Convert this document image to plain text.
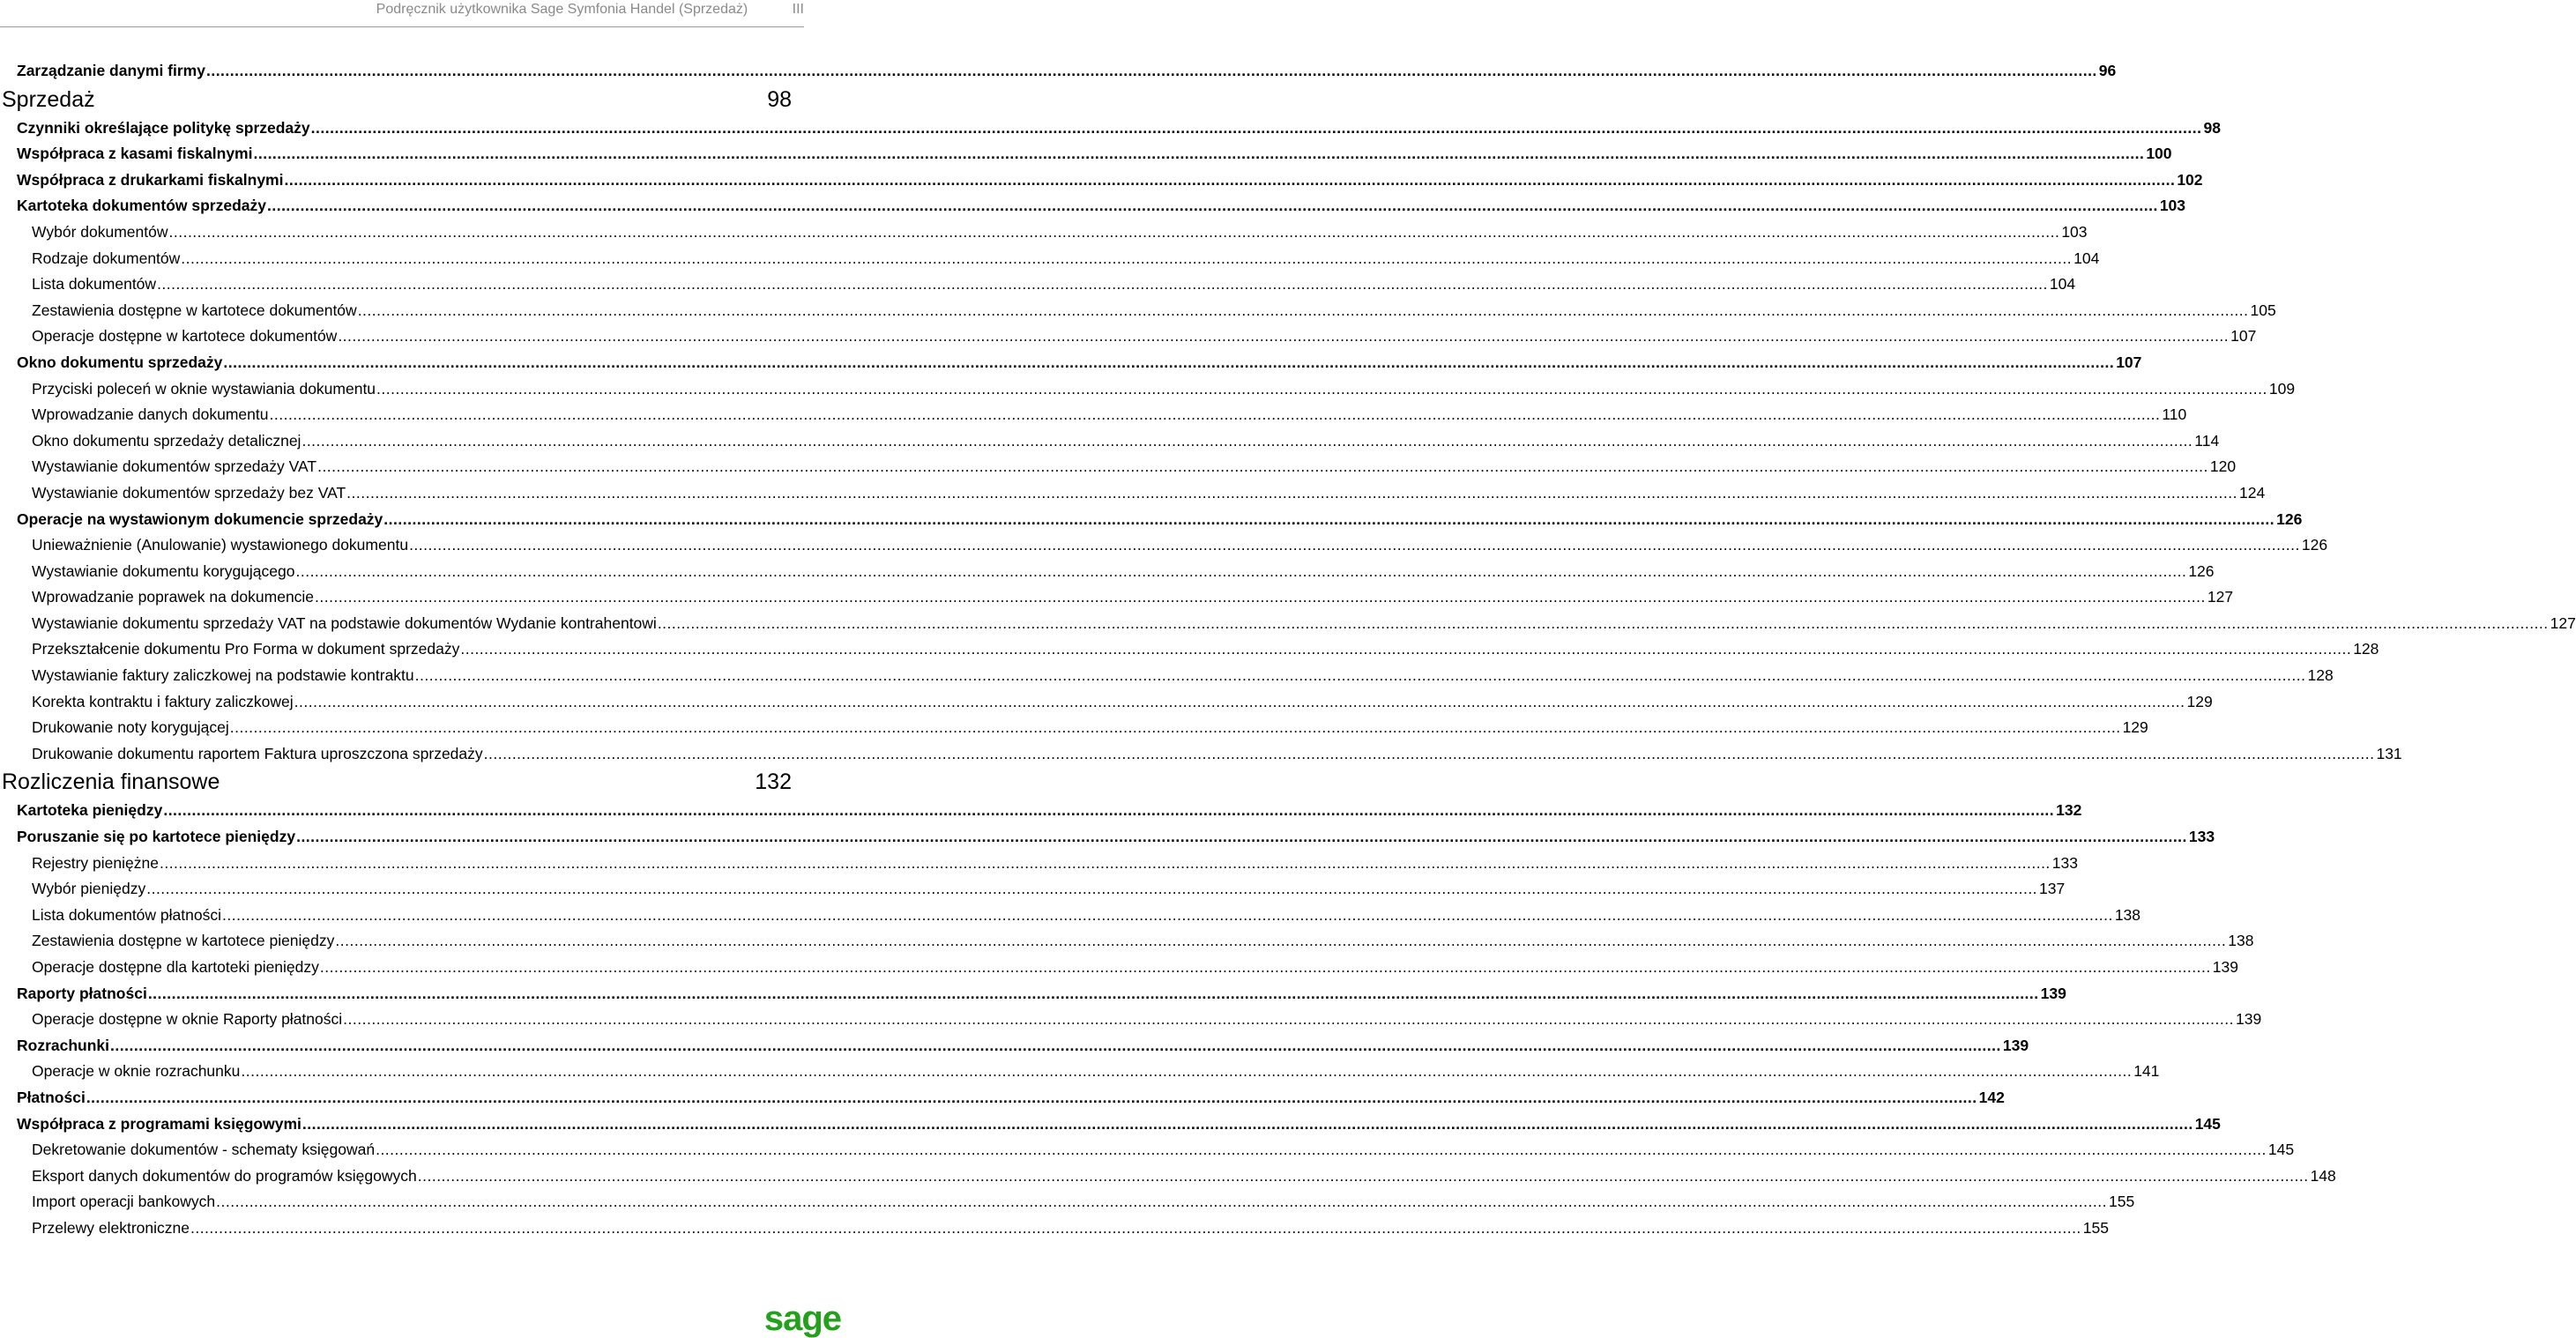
Podręcznik użytkownika Sage Symfonia Handel (Sprzedaż)	III
Zarządzanie danymi firmy ................................................................................................................................................................................................................................................................................................................................................................................................................ 96
Sprzedaż	98
Czynniki określające politykę sprzedaży ................................................................................................................................................................................................................................................................................................................................................................................................................ 98
Współpraca z kasami fiskalnymi ................................................................................................................................................................................................................................................................................................................................................................................................................ 100
Współpraca z drukarkami fiskalnymi ................................................................................................................................................................................................................................................................................................................................................................................................................ 102
Kartoteka dokumentów sprzedaży ................................................................................................................................................................................................................................................................................................................................................................................................................ 103
Wybór dokumentów ................................................................................................................................................................................................................................................................................................................................................................................................................ 103
Rodzaje dokumentów ................................................................................................................................................................................................................................................................................................................................................................................................................ 104
Lista dokumentów ................................................................................................................................................................................................................................................................................................................................................................................................................ 104
Zestawienia dostępne w kartotece dokumentów ................................................................................................................................................................................................................................................................................................................................................................................................................ 105
Operacje dostępne w kartotece dokumentów ................................................................................................................................................................................................................................................................................................................................................................................................................ 107
Okno dokumentu sprzedaży ................................................................................................................................................................................................................................................................................................................................................................................................................ 107
Przyciski poleceń w oknie wystawiania dokumentu ................................................................................................................................................................................................................................................................................................................................................................................................................ 109
Wprowadzanie danych dokumentu ................................................................................................................................................................................................................................................................................................................................................................................................................ 110
Okno dokumentu sprzedaży detalicznej ................................................................................................................................................................................................................................................................................................................................................................................................................ 114
Wystawianie dokumentów sprzedaży VAT ................................................................................................................................................................................................................................................................................................................................................................................................................ 120
Wystawianie dokumentów sprzedaży bez VAT ................................................................................................................................................................................................................................................................................................................................................................................................................ 124
Operacje na wystawionym dokumencie sprzedaży ................................................................................................................................................................................................................................................................................................................................................................................................................ 126
Unieważnienie (Anulowanie) wystawionego dokumentu ................................................................................................................................................................................................................................................................................................................................................................................................................ 126
Wystawianie dokumentu korygującego ................................................................................................................................................................................................................................................................................................................................................................................................................ 126
Wprowadzanie poprawek na dokumencie ................................................................................................................................................................................................................................................................................................................................................................................................................ 127
Wystawianie dokumentu sprzedaży VAT na podstawie dokumentów Wydanie kontrahentowi ................................................................................................................................................................................................................................................................................................................................................................................................................ 127
Przekształcenie dokumentu Pro Forma w dokument sprzedaży ................................................................................................................................................................................................................................................................................................................................................................................................................ 128
Wystawianie faktury zaliczkowej na podstawie kontraktu ................................................................................................................................................................................................................................................................................................................................................................................................................ 128
Korekta kontraktu i faktury zaliczkowej ................................................................................................................................................................................................................................................................................................................................................................................................................ 129
Drukowanie noty korygującej ................................................................................................................................................................................................................................................................................................................................................................................................................ 129
Drukowanie dokumentu raportem Faktura uproszczona sprzedaży ................................................................................................................................................................................................................................................................................................................................................................................................................ 131
Rozliczenia finansowe	132
Kartoteka pieniędzy ................................................................................................................................................................................................................................................................................................................................................................................................................ 132
Poruszanie się po kartotece pieniędzy ................................................................................................................................................................................................................................................................................................................................................................................................................ 133
Rejestry pieniężne ................................................................................................................................................................................................................................................................................................................................................................................................................ 133
Wybór pieniędzy ................................................................................................................................................................................................................................................................................................................................................................................................................ 137
Lista dokumentów płatności ................................................................................................................................................................................................................................................................................................................................................................................................................ 138
Zestawienia dostępne w kartotece pieniędzy ................................................................................................................................................................................................................................................................................................................................................................................................................ 138
Operacje dostępne dla kartoteki pieniędzy ................................................................................................................................................................................................................................................................................................................................................................................................................ 139
Raporty płatności ................................................................................................................................................................................................................................................................................................................................................................................................................ 139
Operacje dostępne w oknie Raporty płatności ................................................................................................................................................................................................................................................................................................................................................................................................................ 139
Rozrachunki ................................................................................................................................................................................................................................................................................................................................................................................................................ 139
Operacje w oknie rozrachunku ................................................................................................................................................................................................................................................................................................................................................................................................................ 141
Płatności ................................................................................................................................................................................................................................................................................................................................................................................................................ 142
Współpraca z programami księgowymi ................................................................................................................................................................................................................................................................................................................................................................................................................ 145
Dekretowanie dokumentów - schematy księgowań ................................................................................................................................................................................................................................................................................................................................................................................................................ 145
Eksport danych dokumentów do programów księgowych ................................................................................................................................................................................................................................................................................................................................................................................................................ 148
Import operacji bankowych ................................................................................................................................................................................................................................................................................................................................................................................................................ 155
Przelewy elektroniczne ................................................................................................................................................................................................................................................................................................................................................................................................................ 155
sage
